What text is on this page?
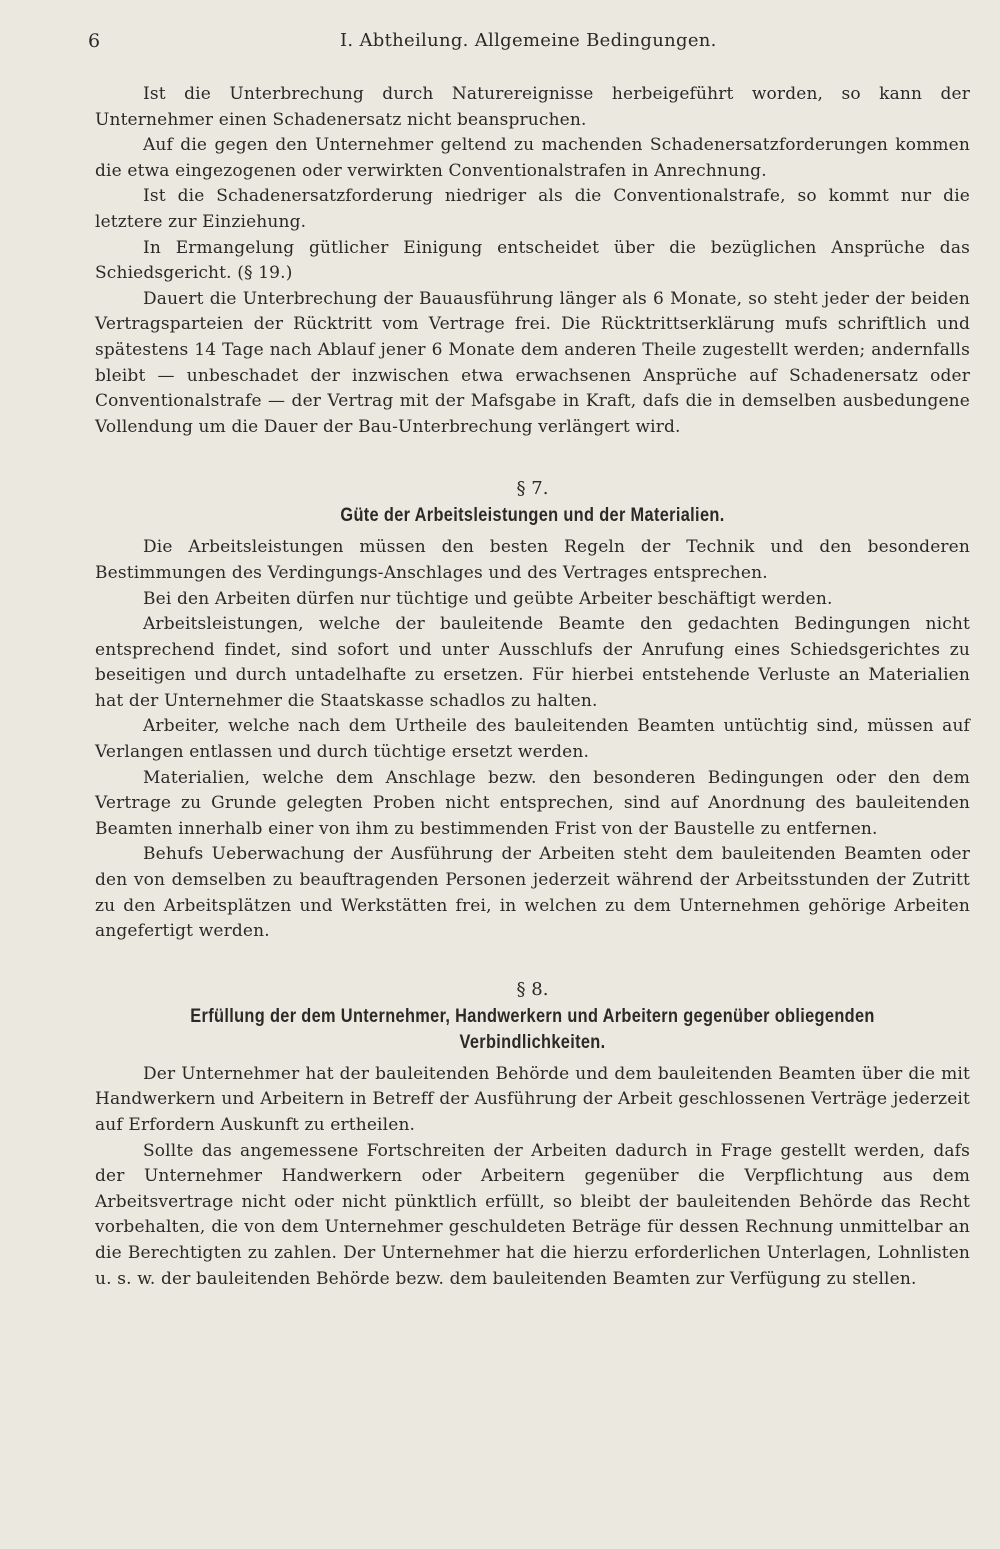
6	I. Abtheilung. Allgemeine Bedingungen.

Ist die Unterbrechung durch Naturereignisse herbeigeführt worden, so kann der Unternehmer einen Schadenersatz nicht beanspruchen.

Auf die gegen den Unternehmer geltend zu machenden Schadenersatzforderungen kommen die etwa eingezogenen oder verwirkten Conventionalstrafen in Anrechnung.

Ist die Schadenersatzforderung niedriger als die Conventionalstrafe, so kommt nur die letztere zur Einziehung.

In Ermangelung gütlicher Einigung entscheidet über die bezüglichen Ansprüche das Schiedsgericht. (§ 19.)

Dauert die Unterbrechung der Bauausführung länger als 6 Monate, so steht jeder der beiden Vertragsparteien der Rücktritt vom Vertrage frei. Die Rücktrittserklärung mufs schriftlich und spätestens 14 Tage nach Ablauf jener 6 Monate dem anderen Theile zugestellt werden; andernfalls bleibt — unbeschadet der inzwischen etwa erwachsenen Ansprüche auf Schadenersatz oder Conventionalstrafe — der Vertrag mit der Mafsgabe in Kraft, dafs die in demselben ausbedungene Vollendung um die Dauer der Bau-Unterbrechung verlängert wird.

§ 7.
Güte der Arbeitsleistungen und der Materialien.

Die Arbeitsleistungen müssen den besten Regeln der Technik und den besonderen Bestimmungen des Verdingungs-Anschlages und des Vertrages entsprechen.

Bei den Arbeiten dürfen nur tüchtige und geübte Arbeiter beschäftigt werden.

Arbeitsleistungen, welche der bauleitende Beamte den gedachten Bedingungen nicht entsprechend findet, sind sofort und unter Ausschlufs der Anrufung eines Schiedsgerichtes zu beseitigen und durch untadelhafte zu ersetzen. Für hierbei entstehende Verluste an Materialien hat der Unternehmer die Staatskasse schadlos zu halten.

Arbeiter, welche nach dem Urtheile des bauleitenden Beamten untüchtig sind, müssen auf Verlangen entlassen und durch tüchtige ersetzt werden.

Materialien, welche dem Anschlage bezw. den besonderen Bedingungen oder den dem Vertrage zu Grunde gelegten Proben nicht entsprechen, sind auf Anordnung des bauleitenden Beamten innerhalb einer von ihm zu bestimmenden Frist von der Baustelle zu entfernen.

Behufs Ueberwachung der Ausführung der Arbeiten steht dem bauleitenden Beamten oder den von demselben zu beauftragenden Personen jederzeit während der Arbeitsstunden der Zutritt zu den Arbeitsplätzen und Werkstätten frei, in welchen zu dem Unternehmen gehörige Arbeiten angefertigt werden.

§ 8.
Erfüllung der dem Unternehmer, Handwerkern und Arbeitern gegenüber obliegenden Verbindlichkeiten.

Der Unternehmer hat der bauleitenden Behörde und dem bauleitenden Beamten über die mit Handwerkern und Arbeitern in Betreff der Ausführung der Arbeit geschlossenen Verträge jederzeit auf Erfordern Auskunft zu ertheilen.

Sollte das angemessene Fortschreiten der Arbeiten dadurch in Frage gestellt werden, dafs der Unternehmer Handwerkern oder Arbeitern gegenüber die Verpflichtung aus dem Arbeitsvertrage nicht oder nicht pünktlich erfüllt, so bleibt der bauleitenden Behörde das Recht vorbehalten, die von dem Unternehmer geschuldeten Beträge für dessen Rechnung unmittelbar an die Berechtigten zu zahlen. Der Unternehmer hat die hierzu erforderlichen Unterlagen, Lohnlisten u. s. w. der bauleitenden Behörde bezw. dem bauleitenden Beamten zur Verfügung zu stellen.
